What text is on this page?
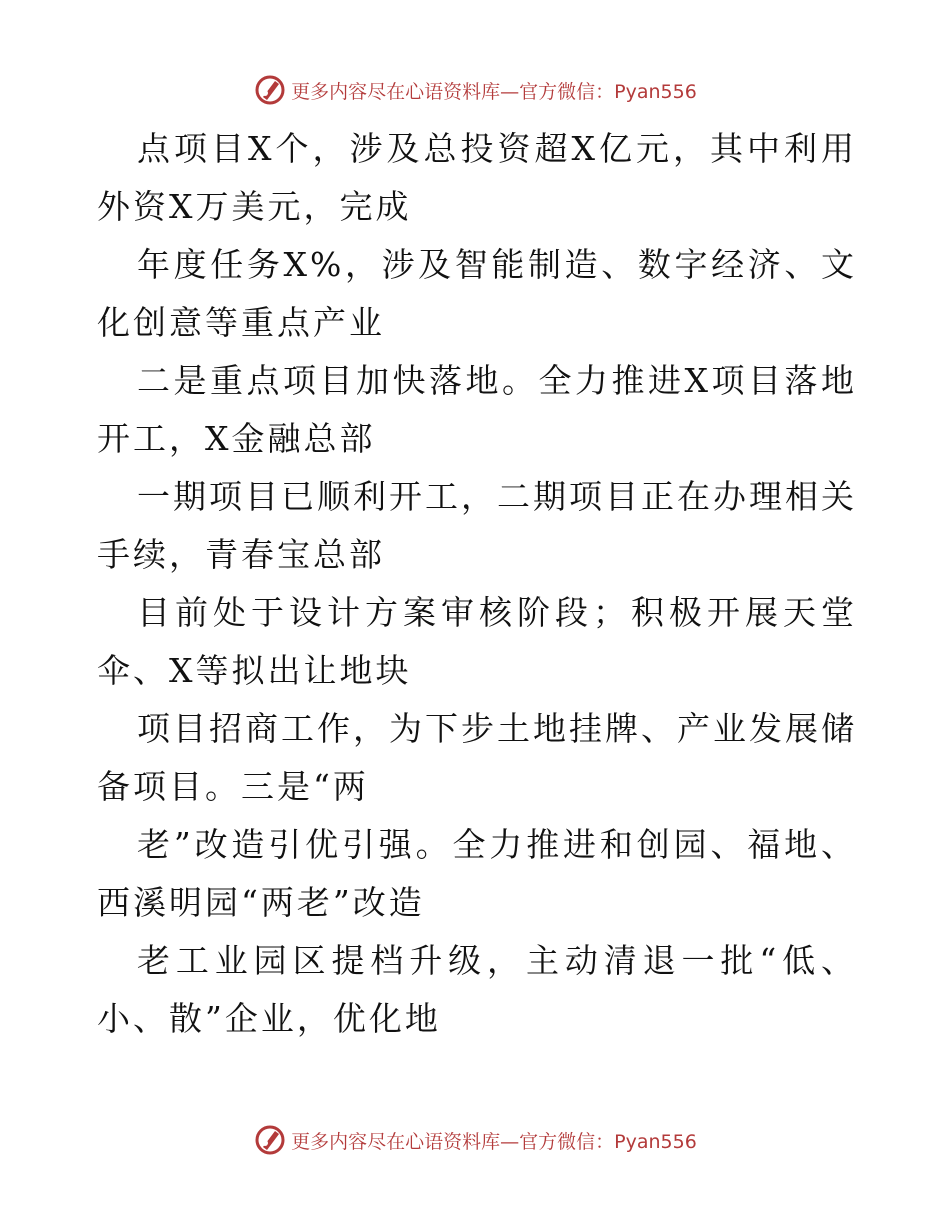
更多内容尽在心语资料库—官方微信：Pyan556

点项目X个，涉及总投资超X亿元，其中利用外资X万美元，完成

年度任务X%，涉及智能制造、数字经济、文化创意等重点产业

二是重点项目加快落地。全力推进X项目落地开工，X金融总部

一期项目已顺利开工，二期项目正在办理相关手续，青春宝总部

目前处于设计方案审核阶段；积极开展天堂伞、X等拟出让地块

项目招商工作，为下步土地挂牌、产业发展储备项目。三是“两

老”改造引优引强。全力推进和创园、福地、西溪明园“两老”改造

老工业园区提档升级，主动清退一批“低、小、散”企业，优化地

更多内容尽在心语资料库—官方微信：Pyan556
